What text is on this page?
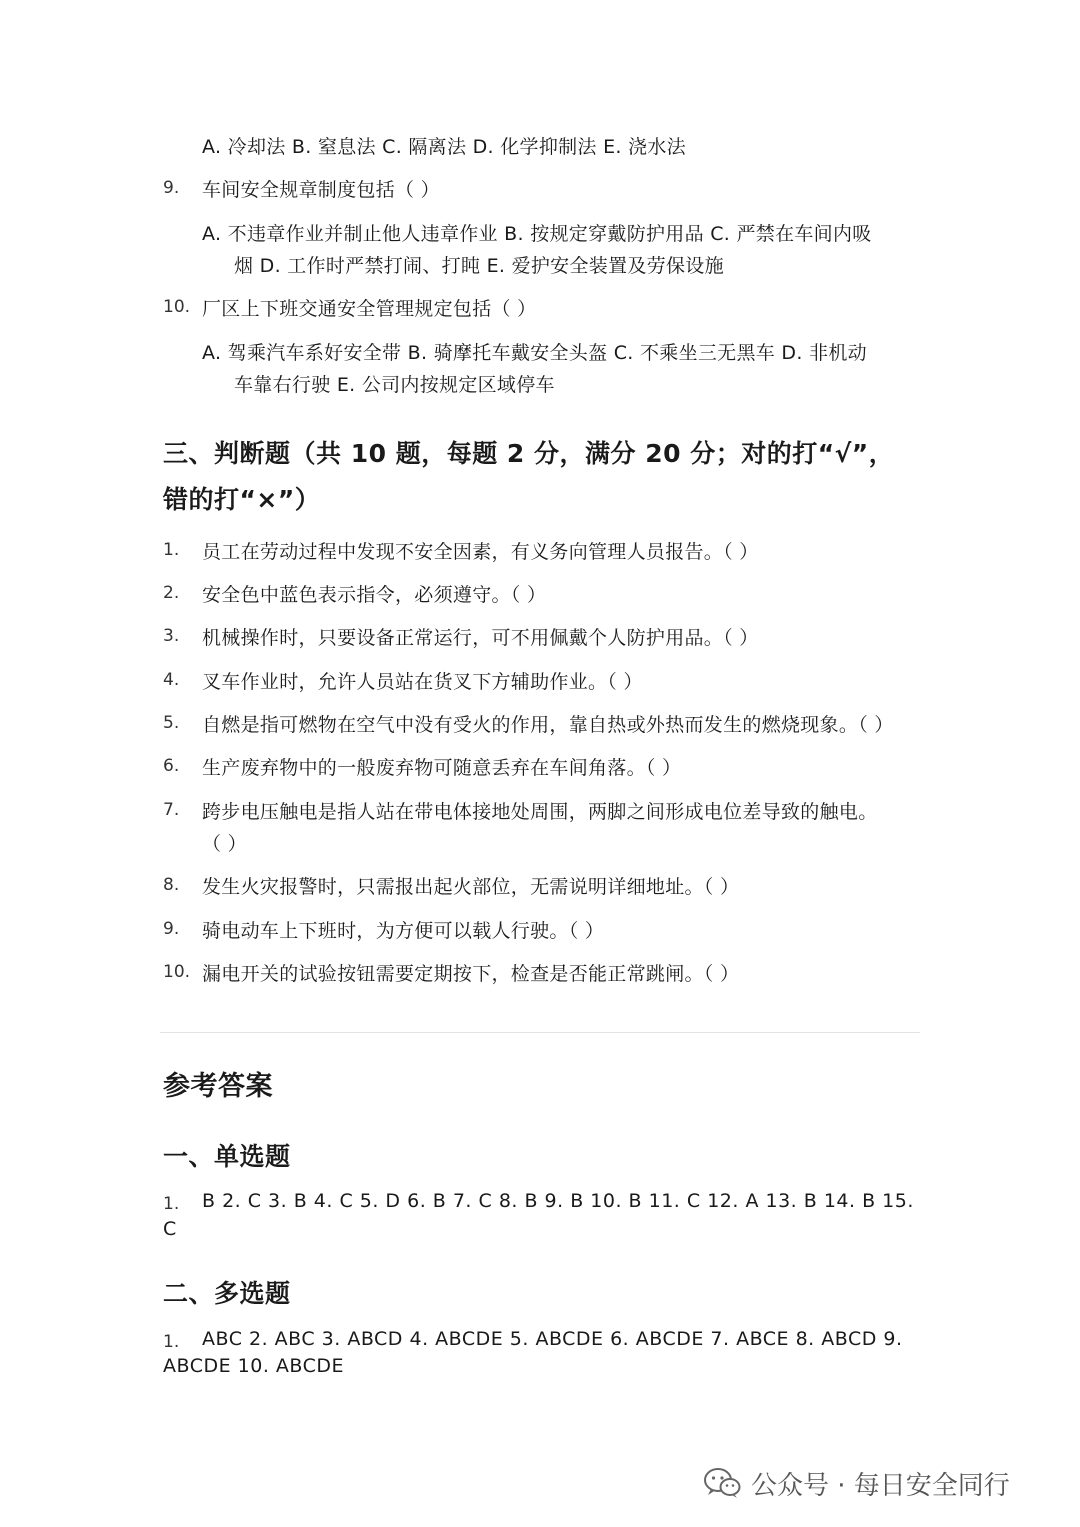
A. 冷却法 B. 窒息法 C. 隔离法 D. 化学抑制法 E. 浇水法
9. 车间安全规章制度包括（ ）
A. 不违章作业并制止他人违章作业 B. 按规定穿戴防护用品 C. 严禁在车间内吸
烟 D. 工作时严禁打闹、打盹 E. 爱护安全装置及劳保设施
10. 厂区上下班交通安全管理规定包括（ ）
A. 驾乘汽车系好安全带 B. 骑摩托车戴安全头盔 C. 不乘坐三无黑车 D. 非机动
车靠右行驶 E. 公司内按规定区域停车
三、判断题（共 10 题，每题 2 分，满分 20 分；对的打“√”，
错的打“×”）
1. 员工在劳动过程中发现不安全因素，有义务向管理人员报告。（ ）
2. 安全色中蓝色表示指令，必须遵守。（ ）
3. 机械操作时，只要设备正常运行，可不用佩戴个人防护用品。（ ）
4. 叉车作业时，允许人员站在货叉下方辅助作业。（ ）
5. 自燃是指可燃物在空气中没有受火的作用，靠自热或外热而发生的燃烧现象。（ ）
6. 生产废弃物中的一般废弃物可随意丢弃在车间角落。（ ）
7. 跨步电压触电是指人站在带电体接地处周围，两脚之间形成电位差导致的触电。
（ ）
8. 发生火灾报警时，只需报出起火部位，无需说明详细地址。（ ）
9. 骑电动车上下班时，为方便可以载人行驶。（ ）
10. 漏电开关的试验按钮需要定期按下，检查是否能正常跳闸。（ ）
参考答案
一、单选题
1. B 2. C 3. B 4. C 5. D 6. B 7. C 8. B 9. B 10. B 11. C 12. A 13. B 14. B 15.
C
二、多选题
1. ABC 2. ABC 3. ABCD 4. ABCDE 5. ABCDE 6. ABCDE 7. ABCE 8. ABCD 9.
ABCDE 10. ABCDE
公众号 · 每日安全同行
